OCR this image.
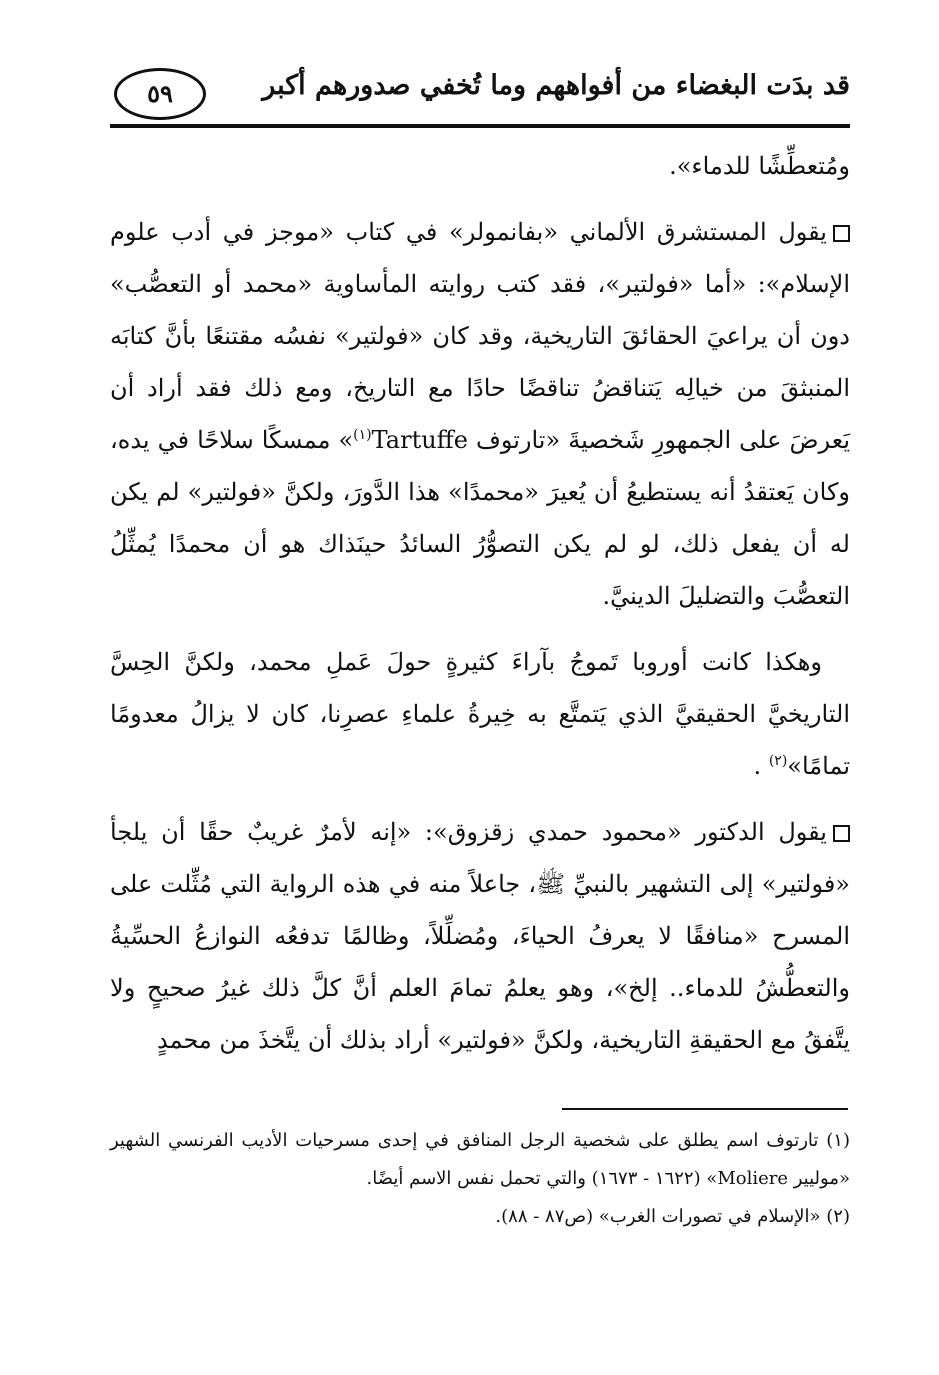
٥٩	قد بدَت البغضاء من أفواههم وما تُخفي صدورهم أكبر

ومُتعطِّشًا للدماء».

يقول المستشرق الألماني «بفانمولر» في كتاب «موجز في أدب علوم الإسلام»: «أما «فولتير»، فقد كتب روايته المأساوية «محمد أو التعصُّب» دون أن يراعيَ الحقائقَ التاريخية، وقد كان «فولتير» نفسُه مقتنعًا بأنَّ كتابَه المنبثقَ من خيالِه يَتناقضُ تناقضًا حادًا مع التاريخ، ومع ذلك فقد أراد أن يَعرضَ على الجمهورِ شَخصيةَ «تارتوف Tartuffe$^{(١)}$» ممسكًا سلاحًا في يده، وكان يَعتقدُ أنه يستطيعُ أن يُعيرَ «محمدًا» هذا الدَّورَ، ولكنَّ «فولتير» لم يكن له أن يفعل ذلك، لو لم يكن التصوُّرُ السائدُ حينَذاك هو أن محمدًا يُمثِّلُ التعصُّبَ والتضليلَ الدينيَّ.

وهكذا كانت أوروبا تَموجُ بآراءَ كثيرةٍ حولَ عَملِ محمد، ولكنَّ الحِسَّ التاريخيَّ الحقيقيَّ الذي يَتمتَّع به خِيرةُ علماءِ عصرِنا، كان لا يزالُ معدومًا تمامًا»$^{(٢)}$ .

يقول الدكتور «محمود حمدي زقزوق»: «إنه لأمرٌ غريبٌ حقًا أن يلجأ «فولتير» إلى التشهير بالنبيِّ ﷺ، جاعلاً منه في هذه الرواية التي مُثِّلت على المسرح «منافقًا لا يعرفُ الحياءَ، ومُضلِّلاً، وظالمًا تدفعُه النوازعُ الحسِّيةُ والتعطُّشُ للدماء.. إلخ»، وهو يعلمُ تمامَ العلم أنَّ كلَّ ذلك غيرُ صحيحٍ ولا يتَّفقُ مع الحقيقةِ التاريخية، ولكنَّ «فولتير» أراد بذلك أن يتَّخذَ من محمدٍ

(١) تارتوف اسم يطلق على شخصية الرجل المنافق في إحدى مسرحيات الأديب الفرنسي الشهير «موليير Moliere» (١٦٢٢ - ١٦٧٣) والتي تحمل نفس الاسم أيضًا.

(٢) «الإسلام في تصورات الغرب» (ص٨٧ - ٨٨).
